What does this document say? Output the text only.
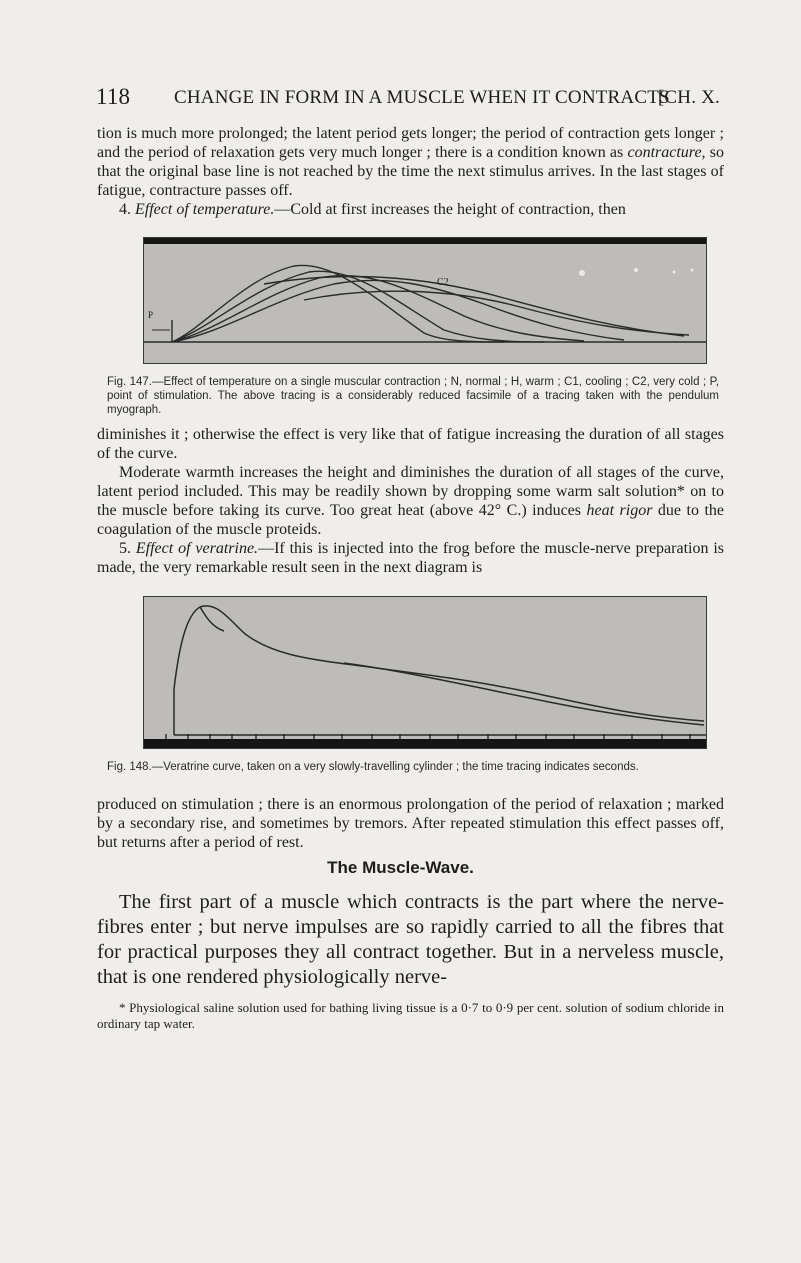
118 CHANGE IN FORM IN A MUSCLE WHEN IT CONTRACTS
[CH. X.

tion is much more prolonged; the latent period gets longer; the period of contraction gets longer ; and the period of relaxation gets very much longer ; there is a condition known as contracture, so that the original base line is not reached by the time the next stimulus arrives. In the last stages of fatigue, contracture passes off.

4. Effect of temperature.—Cold at first increases the height of contraction, then

P
C2
Fig. 147.—Effect of temperature on a single muscular contraction ; N, normal ; H, warm ; C1, cooling ; C2, very cold ; P, point of stimulation. The above tracing is a considerably reduced facsimile of a tracing taken with the pendulum myograph.

diminishes it ; otherwise the effect is very like that of fatigue increasing the duration of all stages of the curve.

Moderate warmth increases the height and diminishes the duration of all stages of the curve, latent period included. This may be readily shown by dropping some warm salt solution* on to the muscle before taking its curve. Too great heat (above 42° C.) induces heat rigor due to the coagulation of the muscle proteids.

5. Effect of veratrine.—If this is injected into the frog before the muscle-nerve preparation is made, the very remarkable result seen in the next diagram is

Fig. 148.—Veratrine curve, taken on a very slowly-travelling cylinder ; the time tracing indicates seconds.

produced on stimulation ; there is an enormous prolongation of the period of relaxation ; marked by a secondary rise, and sometimes by tremors. After repeated stimulation this effect passes off, but returns after a period of rest.

The Muscle-Wave.

The first part of a muscle which contracts is the part where the nerve-fibres enter ; but nerve impulses are so rapidly carried to all the fibres that for practical purposes they all contract together. But in a nerveless muscle, that is one rendered physiologically nerve-

* Physiological saline solution used for bathing living tissue is a 0·7 to 0·9 per cent. solution of sodium chloride in ordinary tap water.
